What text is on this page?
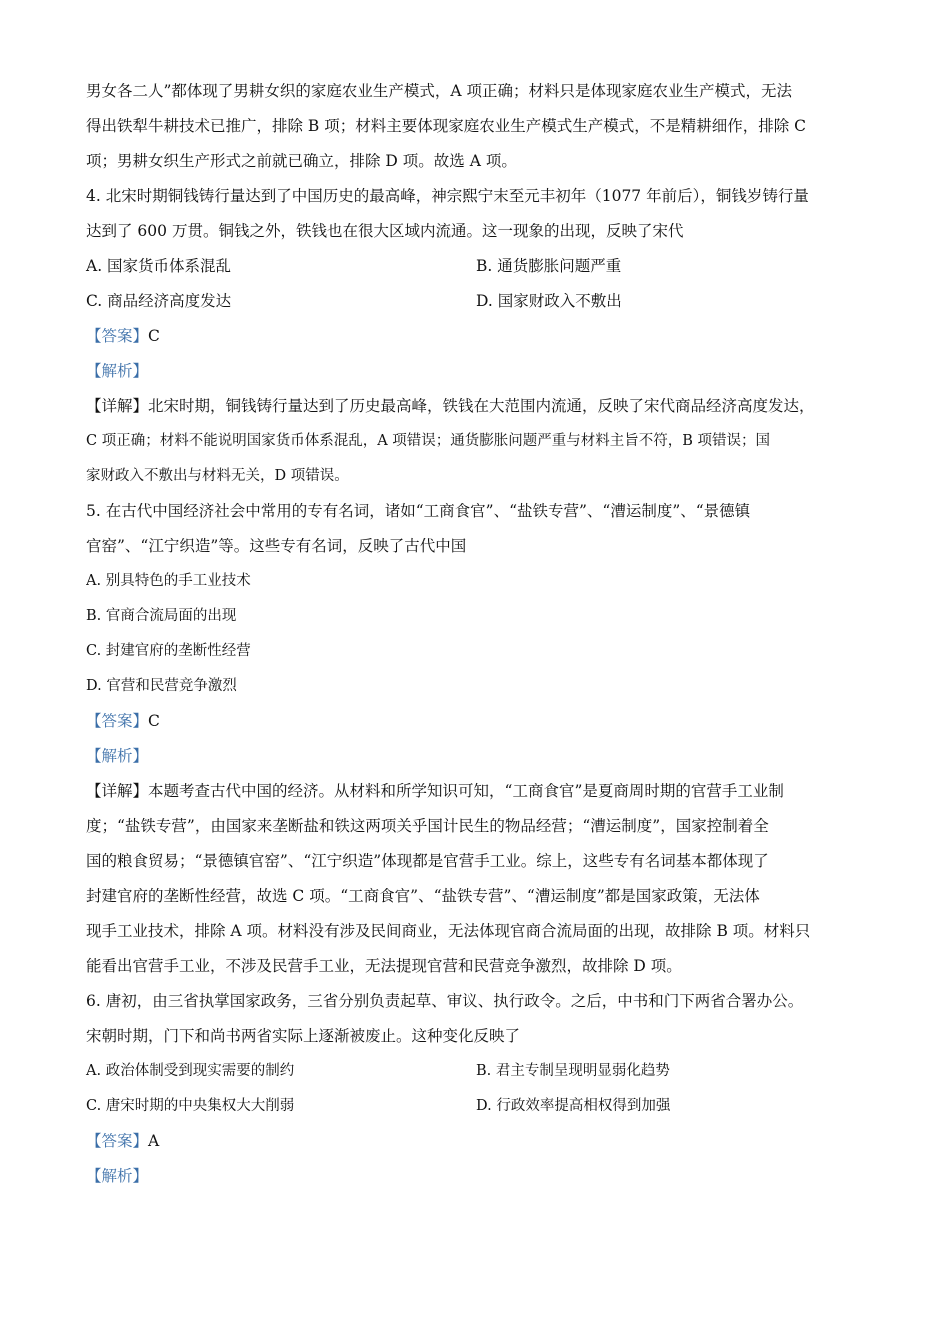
男女各二人”都体现了男耕女织的家庭农业生产模式，A 项正确；材料只是体现家庭农业生产模式，无法
得出铁犁牛耕技术已推广，排除 B 项；材料主要体现家庭农业生产模式生产模式，不是精耕细作，排除 C
项；男耕女织生产形式之前就已确立，排除 D 项。故选 A 项。
4. 北宋时期铜钱铸行量达到了中国历史的最高峰，神宗熙宁末至元丰初年（1077 年前后），铜钱岁铸行量
达到了 600 万贯。铜钱之外，铁钱也在很大区域内流通。这一现象的出现，反映了宋代
A. 国家货币体系混乱	B. 通货膨胀问题严重
C. 商品经济高度发达	D. 国家财政入不敷出
【答案】C
【解析】
【详解】北宋时期，铜钱铸行量达到了历史最高峰，铁钱在大范围内流通，反映了宋代商品经济高度发达，
C 项正确；材料不能说明国家货币体系混乱，A 项错误；通货膨胀问题严重与材料主旨不符，B 项错误；国
家财政入不敷出与材料无关，D 项错误。
5. 在古代中国经济社会中常用的专有名词，诸如“工商食官”、“盐铁专营”、“漕运制度”、“景德镇
官窑”、“江宁织造”等。这些专有名词，反映了古代中国
A. 别具特色的手工业技术
B. 官商合流局面的出现
C. 封建官府的垄断性经营
D. 官营和民营竞争激烈
【答案】C
【解析】
【详解】本题考查古代中国的经济。从材料和所学知识可知，“工商食官”是夏商周时期的官营手工业制
度；“盐铁专营”，由国家来垄断盐和铁这两项关乎国计民生的物品经营；“漕运制度”，国家控制着全
国的粮食贸易；“景德镇官窑”、“江宁织造”体现都是官营手工业。综上，这些专有名词基本都体现了
封建官府的垄断性经营，故选 C 项。“工商食官”、“盐铁专营”、“漕运制度”都是国家政策，无法体
现手工业技术，排除 A 项。材料没有涉及民间商业，无法体现官商合流局面的出现，故排除 B 项。材料只
能看出官营手工业，不涉及民营手工业，无法提现官营和民营竞争激烈，故排除 D 项。
6. 唐初，由三省执掌国家政务，三省分别负责起草、审议、执行政令。之后，中书和门下两省合署办公。
宋朝时期，门下和尚书两省实际上逐渐被废止。这种变化反映了
A. 政治体制受到现实需要的制约	B. 君主专制呈现明显弱化趋势
C. 唐宋时期的中央集权大大削弱	D. 行政效率提高相权得到加强
【答案】A
【解析】
